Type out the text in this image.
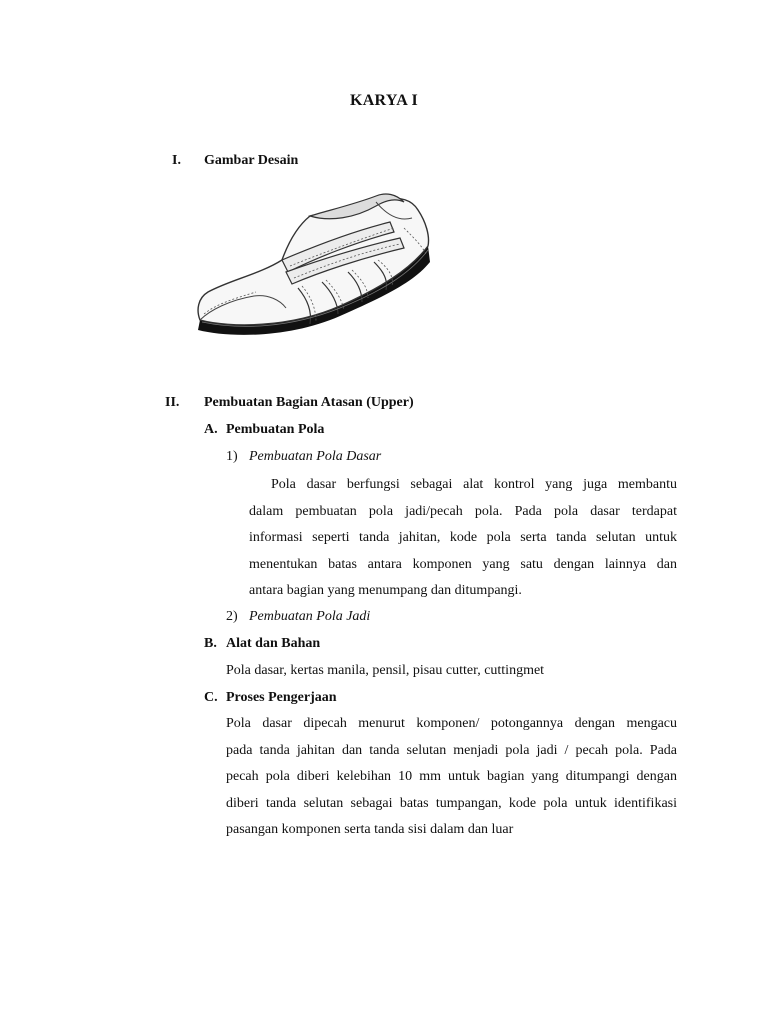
KARYA I
I. Gambar Desain
II. Pembuatan Bagian Atasan (Upper)
A. Pembuatan Pola
1) Pembuatan Pola Dasar
Pola dasar berfungsi sebagai alat kontrol yang juga membantu
dalam pembuatan pola jadi/pecah pola. Pada pola dasar terdapat
informasi seperti tanda jahitan, kode pola serta tanda selutan untuk
menentukan batas antara komponen yang satu dengan lainnya dan
antara bagian yang menumpang dan ditumpangi.
2) Pembuatan Pola Jadi
B. Alat dan Bahan
Pola dasar, kertas manila, pensil, pisau cutter, cuttingmet
C. Proses Pengerjaan
Pola dasar dipecah menurut komponen/ potongannya dengan mengacu
pada tanda jahitan dan tanda selutan menjadi pola jadi / pecah pola. Pada
pecah pola diberi kelebihan 10 mm untuk bagian yang ditumpangi dengan
diberi tanda selutan sebagai batas tumpangan, kode pola untuk identifikasi
pasangan komponen serta tanda sisi dalam dan luar
